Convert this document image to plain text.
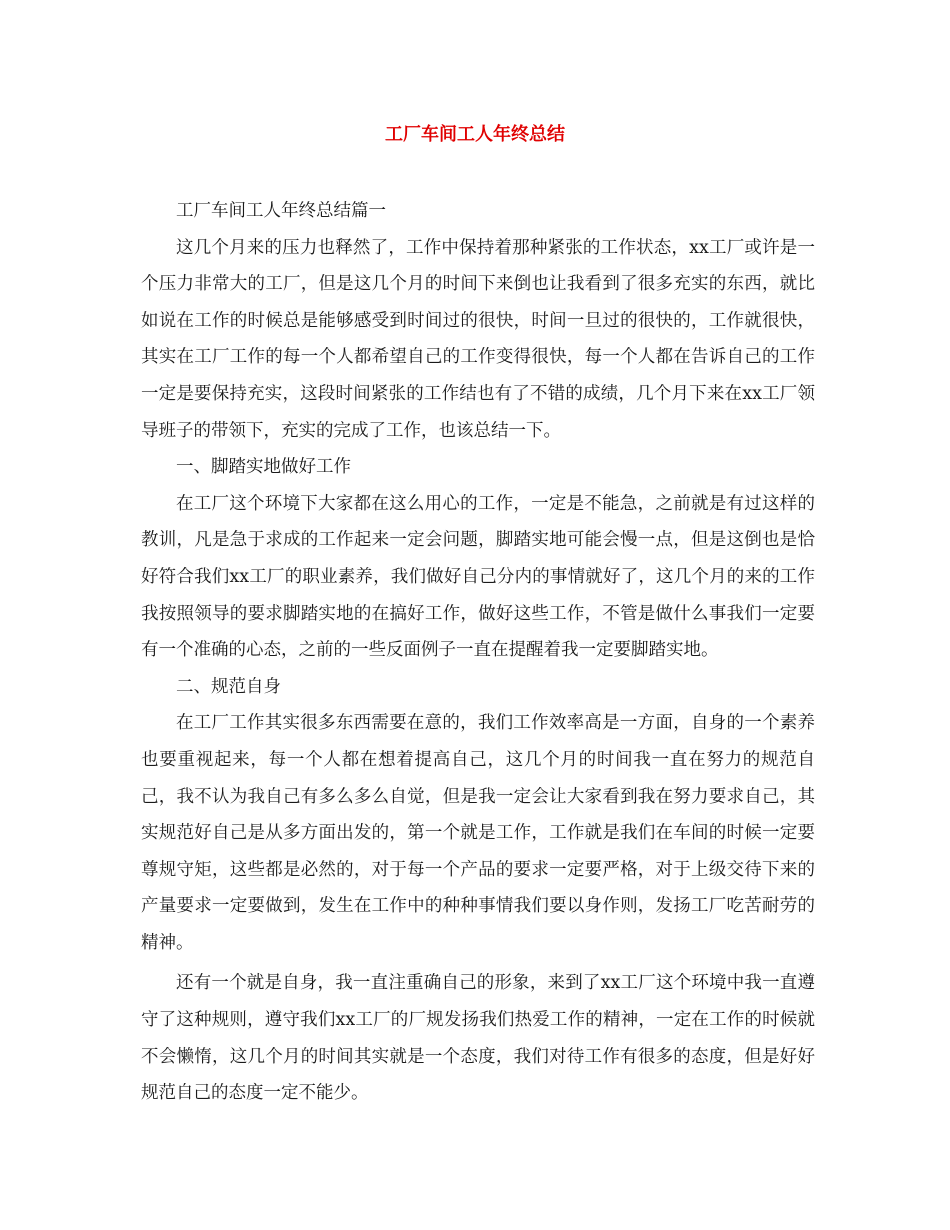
工厂车间工人年终总结

工厂车间工人年终总结篇一

这几个月来的压力也释然了，工作中保持着那种紧张的工作状态，xx工厂或许是一个压力非常大的工厂，但是这几个月的时间下来倒也让我看到了很多充实的东西，就比如说在工作的时候总是能够感受到时间过的很快，时间一旦过的很快的，工作就很快，其实在工厂工作的每一个人都希望自己的工作变得很快，每一个人都在告诉自己的工作一定是要保持充实，这段时间紧张的工作结也有了不错的成绩，几个月下来在xx工厂领导班子的带领下，充实的完成了工作，也该总结一下。

一、脚踏实地做好工作

在工厂这个环境下大家都在这么用心的工作，一定是不能急，之前就是有过这样的教训，凡是急于求成的工作起来一定会问题，脚踏实地可能会慢一点，但是这倒也是恰好符合我们xx工厂的职业素养，我们做好自己分内的事情就好了，这几个月的来的工作我按照领导的要求脚踏实地的在搞好工作，做好这些工作，不管是做什么事我们一定要有一个准确的心态，之前的一些反面例子一直在提醒着我一定要脚踏实地。

二、规范自身

在工厂工作其实很多东西需要在意的，我们工作效率高是一方面，自身的一个素养也要重视起来，每一个人都在想着提高自己，这几个月的时间我一直在努力的规范自己，我不认为我自己有多么多么自觉，但是我一定会让大家看到我在努力要求自己，其实规范好自己是从多方面出发的，第一个就是工作，工作就是我们在车间的时候一定要尊规守矩，这些都是必然的，对于每一个产品的要求一定要严格，对于上级交待下来的产量要求一定要做到，发生在工作中的种种事情我们要以身作则，发扬工厂吃苦耐劳的精神。

还有一个就是自身，我一直注重确自己的形象，来到了xx工厂这个环境中我一直遵守了这种规则，遵守我们xx工厂的厂规发扬我们热爱工作的精神，一定在工作的时候就不会懒惰，这几个月的时间其实就是一个态度，我们对待工作有很多的态度，但是好好规范自己的态度一定不能少。
